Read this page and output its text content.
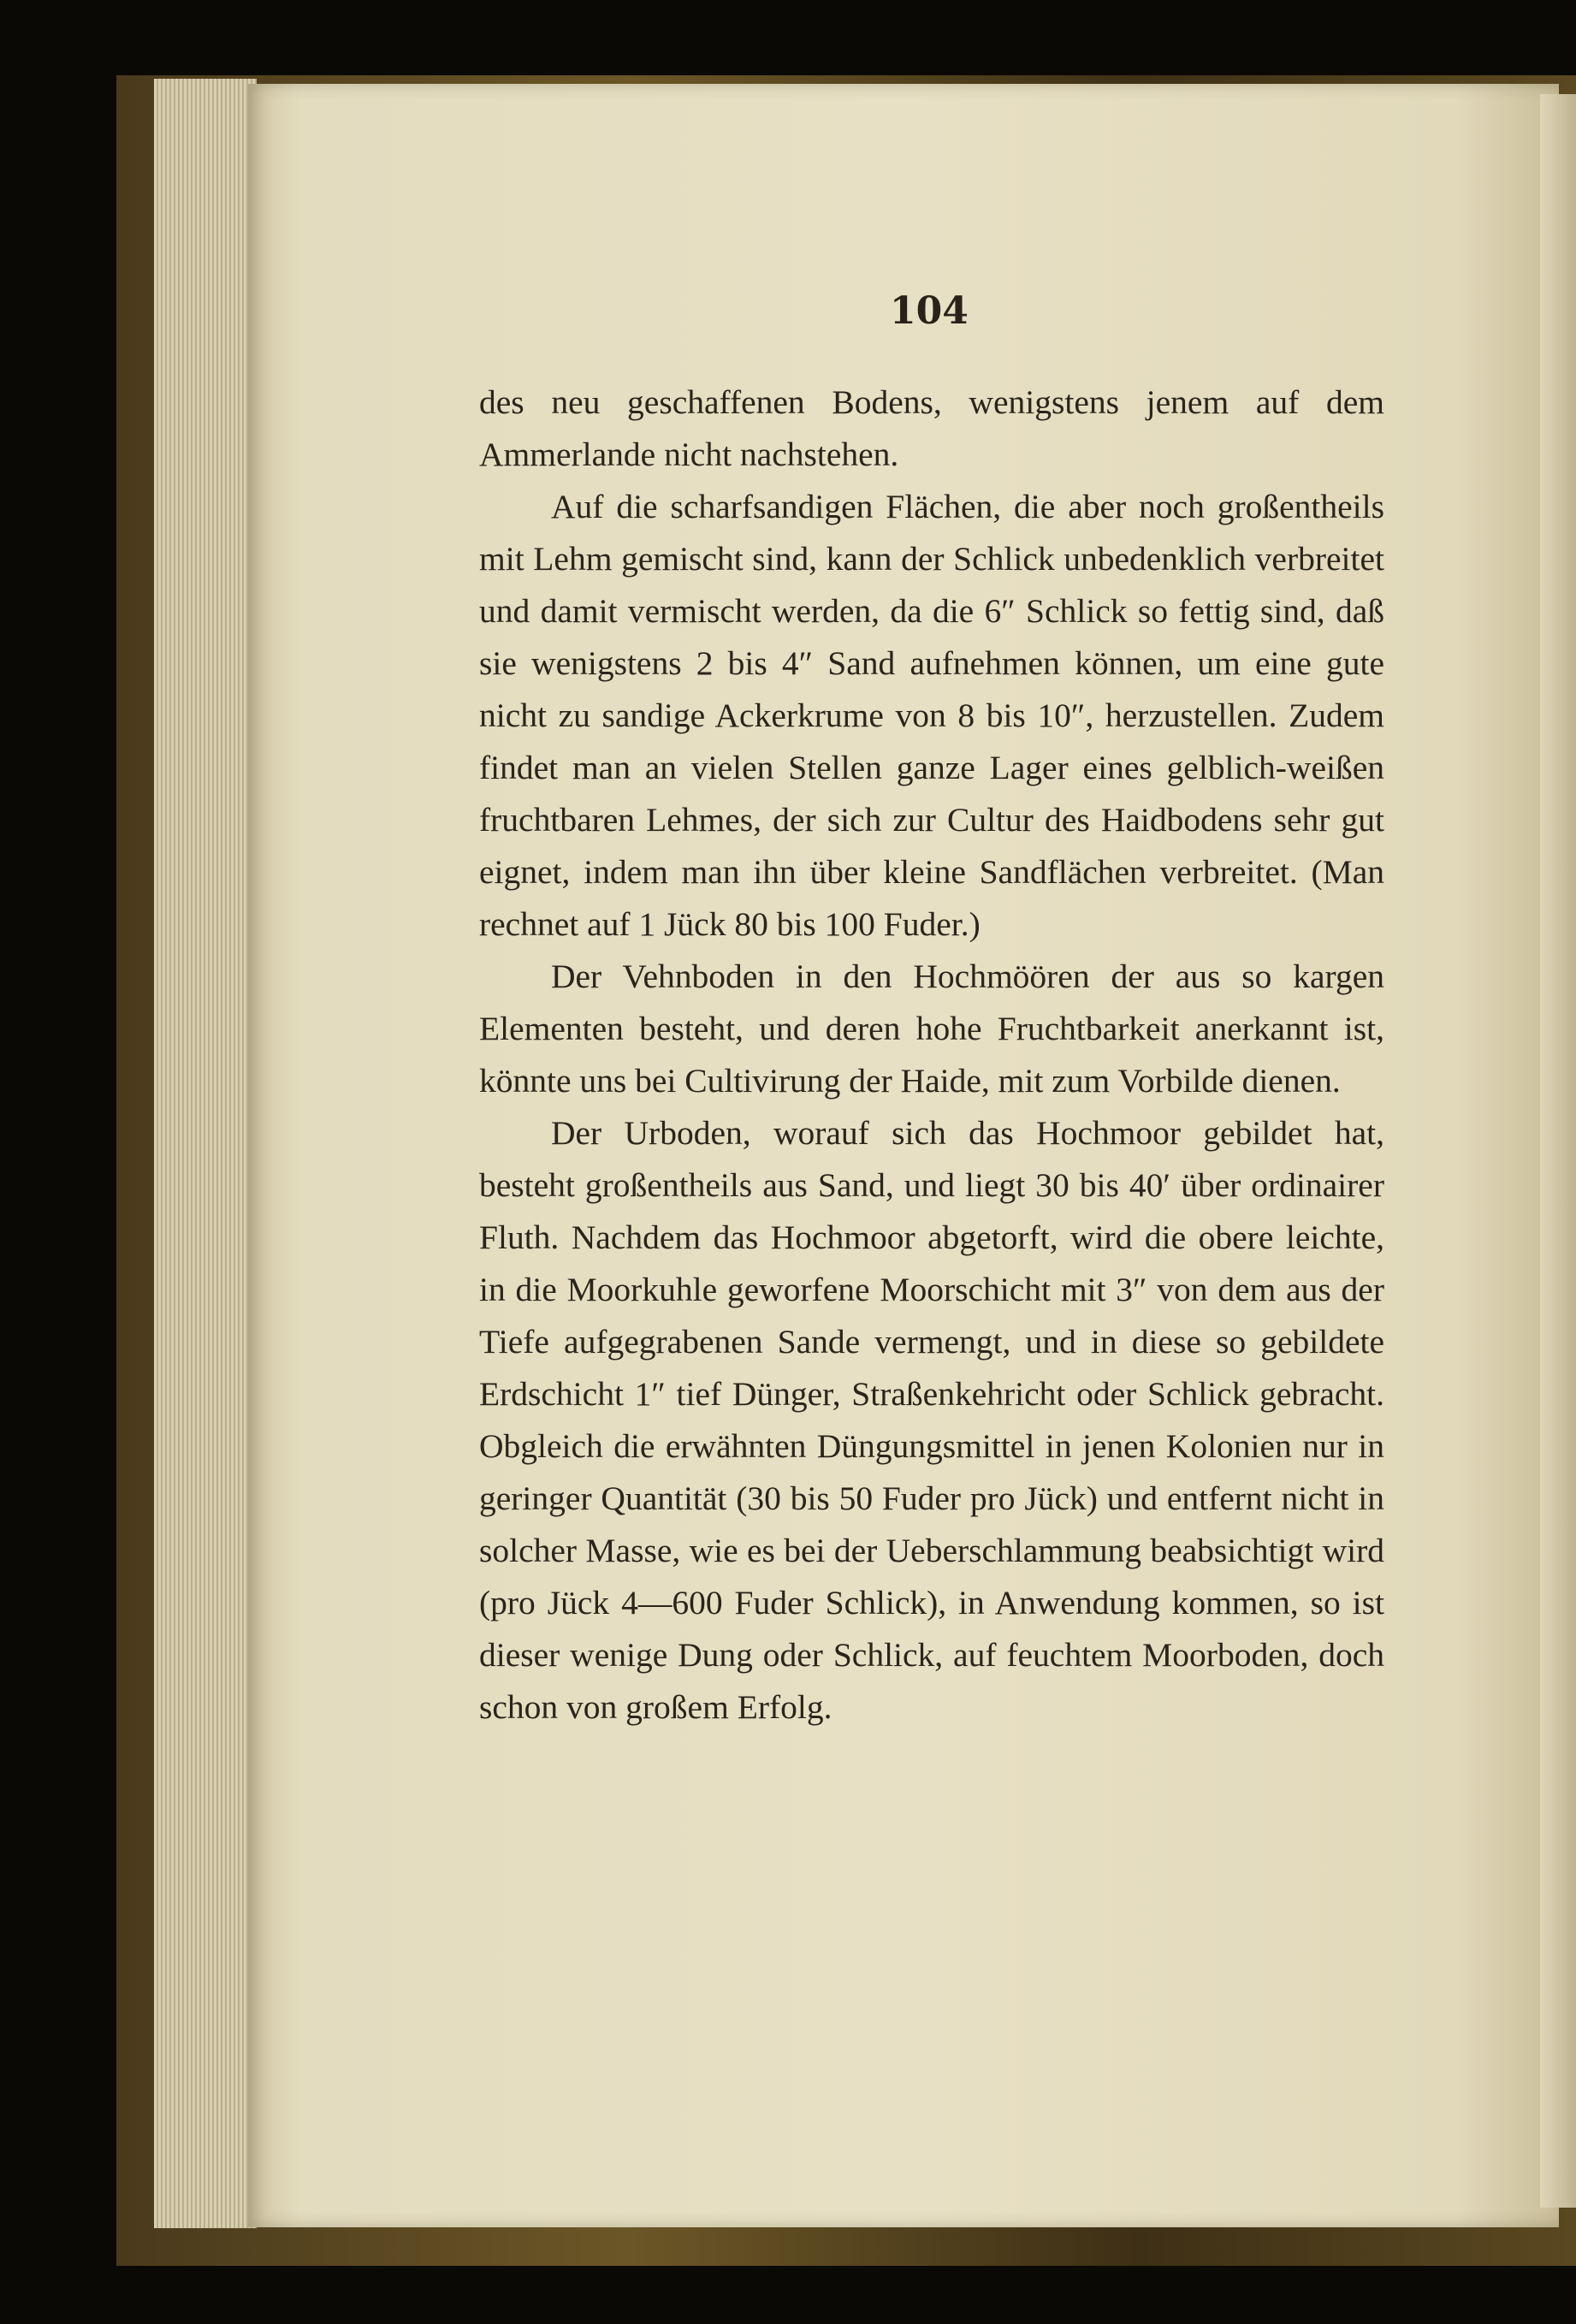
104

des neu geschaffenen Bodens, wenigstens jenem auf dem Ammerlande nicht nachstehen.

Auf die scharfsandigen Flächen, die aber noch großentheils mit Lehm gemischt sind, kann der Schlick unbedenklich verbreitet und damit vermischt werden, da die 6″ Schlick so fettig sind, daß sie wenigstens 2 bis 4″ Sand aufnehmen können, um eine gute nicht zu sandige Ackerkrume von 8 bis 10″, herzustellen. Zudem findet man an vielen Stellen ganze Lager eines gelblich-weißen fruchtbaren Lehmes, der sich zur Cultur des Haidbodens sehr gut eignet, indem man ihn über kleine Sandflächen verbreitet. (Man rechnet auf 1 Jück 80 bis 100 Fuder.)

Der Vehnboden in den Hochmöören der aus so kargen Elementen besteht, und deren hohe Fruchtbarkeit anerkannt ist, könnte uns bei Cultivirung der Haide, mit zum Vorbilde dienen.

Der Urboden, worauf sich das Hochmoor gebildet hat, besteht großentheils aus Sand, und liegt 30 bis 40′ über ordinairer Fluth. Nachdem das Hochmoor abgetorft, wird die obere leichte, in die Moorkuhle geworfene Moorschicht mit 3″ von dem aus der Tiefe aufgegrabenen Sande vermengt, und in diese so gebildete Erdschicht 1″ tief Dünger, Straßenkehricht oder Schlick gebracht. Obgleich die erwähnten Düngungsmittel in jenen Kolonien nur in geringer Quantität (30 bis 50 Fuder pro Jück) und entfernt nicht in solcher Masse, wie es bei der Ueberschlammung beabsichtigt wird (pro Jück 4—600 Fuder Schlick), in Anwendung kommen, so ist dieser wenige Dung oder Schlick, auf feuchtem Moorboden, doch schon von großem Erfolg.
